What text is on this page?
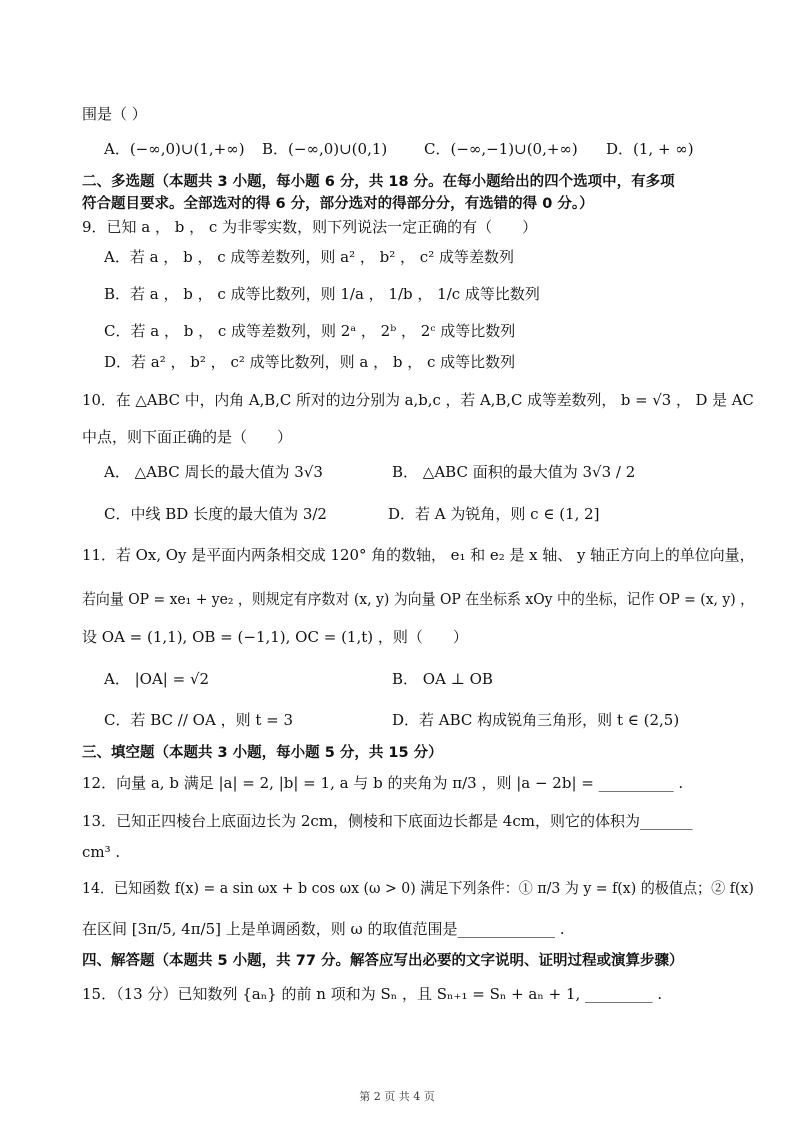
围是（ ）
A．(−∞,0)∪(1,+∞) B．(−∞,0)∪(0,1) C．(−∞,−1)∪(0,+∞) D．(1, + ∞)
二、多选题（本题共 3 小题，每小题 6 分，共 18 分。在每小题给出的四个选项中，有多项
符合题目要求。全部选对的得 6 分，部分选对的得部分分，有选错的得 0 分。）
9．已知 a ， b ， c 为非零实数，则下列说法一定正确的有（　　）
A．若 a ， b ， c 成等差数列，则 a² ， b² ， c² 成等差数列
B．若 a ， b ， c 成等比数列，则 1/a ， 1/b ， 1/c 成等比数列
C．若 a ， b ， c 成等差数列，则 2ᵃ ， 2ᵇ ， 2ᶜ 成等比数列
D．若 a² ， b² ， c² 成等比数列，则 a ， b ， c 成等比数列
10．在 △ABC 中，内角 A,B,C 所对的边分别为 a,b,c ，若 A,B,C 成等差数列， b = √3 ， D 是 AC
中点，则下面正确的是（　　）
A． △ABC 周长的最大值为 3√3	B． △ABC 面积的最大值为 3√3 / 2
C．中线 BD 长度的最大值为 3/2	D．若 A 为锐角，则 c ∈ (1, 2]
11．若 Ox, Oy 是平面内两条相交成 120° 角的数轴， e₁ 和 e₂ 是 x 轴、 y 轴正方向上的单位向量，
若向量 OP = xe₁ + ye₂ ，则规定有序数对 (x, y) 为向量 OP 在坐标系 xOy 中的坐标，记作 OP = (x, y) ，
设 OA = (1,1), OB = (−1,1), OC = (1,t) ，则（　　）
A． |OA| = √2	B． OA ⊥ OB
C．若 BC // OA ，则 t = 3	D．若 ABC 构成锐角三角形，则 t ∈ (2,5)
三、填空题（本题共 3 小题，每小题 5 分，共 15 分）
12．向量 a, b 满足 |a| = 2, |b| = 1, a 与 b 的夹角为 π/3 ，则 |a − 2b| = __________ .
13．已知正四棱台上底面边长为 2cm，侧棱和下底面边长都是 4cm，则它的体积为_______
cm³ .
14．已知函数 f(x) = a sin ωx + b cos ωx (ω > 0) 满足下列条件：① π/3 为 y = f(x) 的极值点；② f(x)
在区间 [3π/5, 4π/5] 上是单调函数，则 ω 的取值范围是_____________ .
四、解答题（本题共 5 小题，共 77 分。解答应写出必要的文字说明、证明过程或演算步骤）
15．（13 分）已知数列 {aₙ} 的前 n 项和为 Sₙ ，且 Sₙ₊₁ = Sₙ + aₙ + 1, _________ .
第 2 页 共 4 页
